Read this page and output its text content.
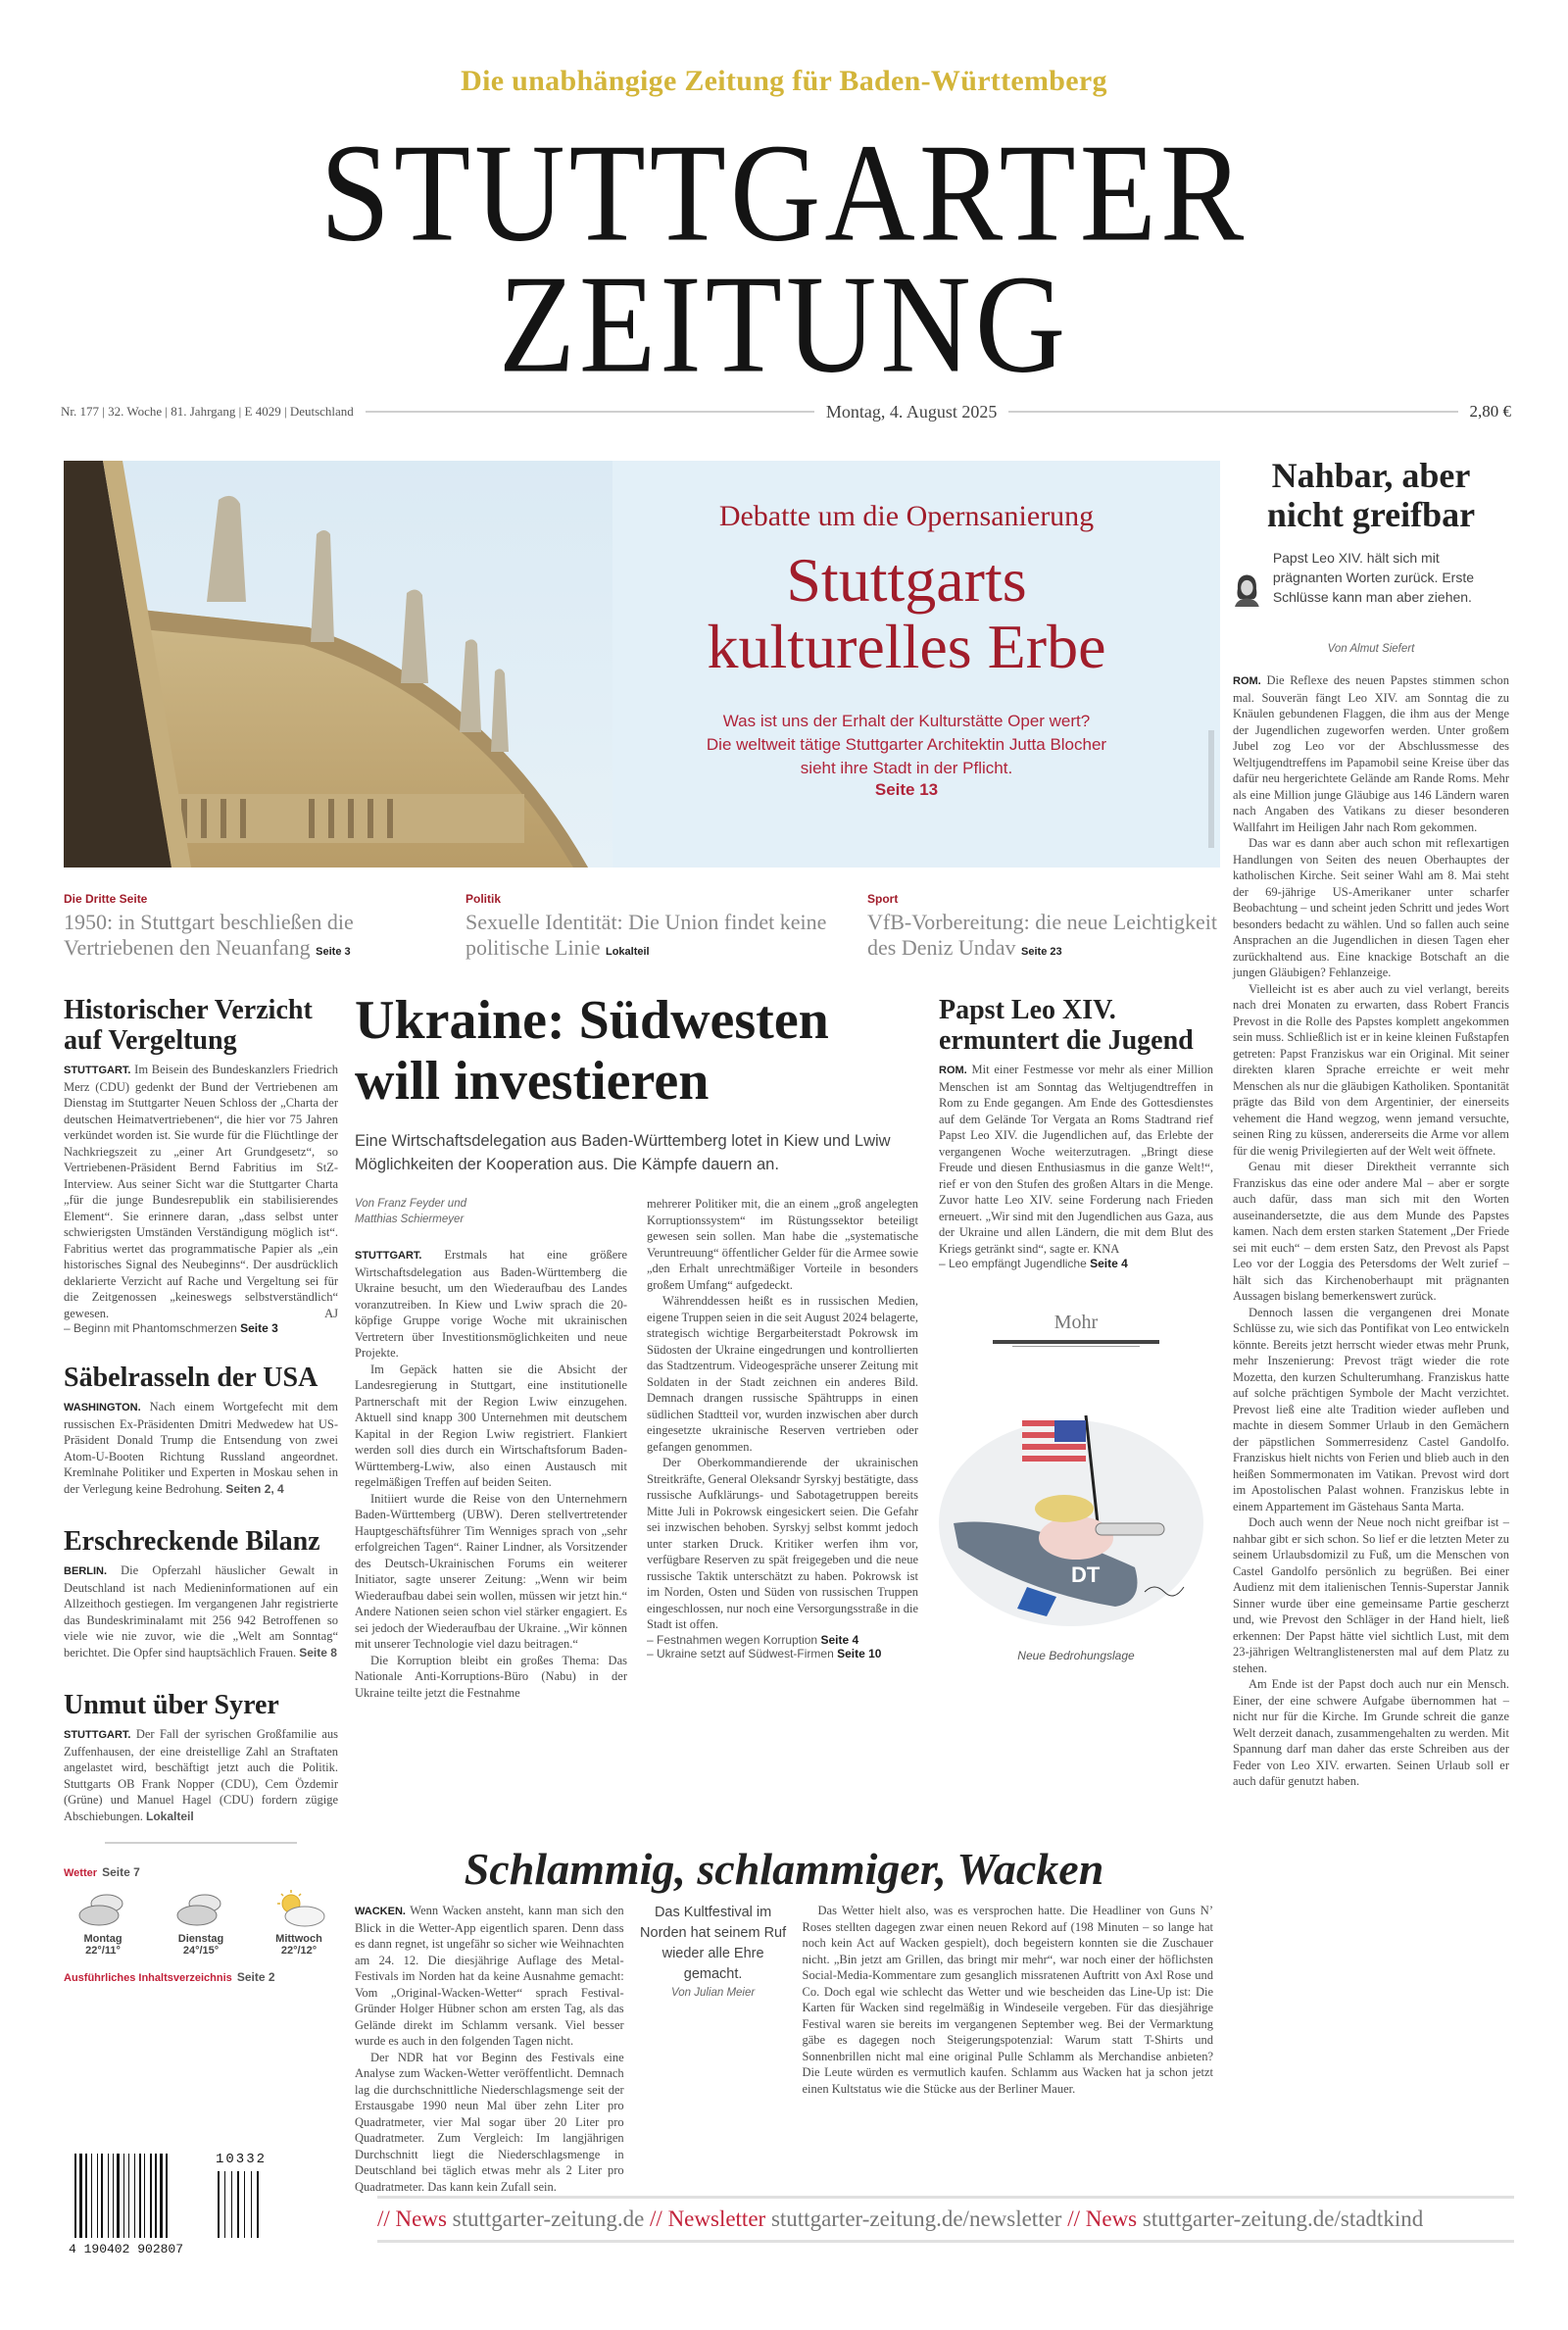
Die unabhängige Zeitung für Baden-Württemberg
STUTTGARTER
ZEITUNG
Nr. 177 | 32. Woche | 81. Jahrgang | E 4029 | Deutschland	Montag, 4. August 2025	2,80 €
Debatte um die Opernsanierung
Stuttgarts
kulturelles Erbe
Was ist uns der Erhalt der Kulturstätte Oper wert?
Die weltweit tätige Stuttgarter Architektin Jutta Blocher
sieht ihre Stadt in der Pflicht.
Seite 13
Die Dritte Seite
1950: in Stuttgart beschließen die Vertriebenen den Neuanfang Seite 3
Politik
Sexuelle Identität: Die Union findet keine politische Linie Lokalteil
Sport
VfB-Vorbereitung: die neue Leichtigkeit des Deniz Undav Seite 23
Historischer Verzicht auf Vergeltung
STUTTGART. Im Beisein des Bundeskanzlers Friedrich Merz (CDU) gedenkt der Bund der Vertriebenen am Dienstag im Stuttgarter Neuen Schloss der „Charta der deutschen Heimatvertriebenen“, die hier vor 75 Jahren verkündet worden ist. Sie wurde für die Flüchtlinge der Nachkriegszeit zu „einer Art Grundgesetz“, so Vertriebenen-Präsident Bernd Fabritius im StZ-Interview. Aus seiner Sicht war die Stuttgarter Charta „für die junge Bundesrepublik ein stabilisierendes Element“. Sie erinnere daran, „dass selbst unter schwierigsten Umständen Verständigung möglich ist“. Fabritius wertet das programmatische Papier als „ein historisches Signal des Neubeginns“. Der ausdrücklich deklarierte Verzicht auf Rache und Vergeltung sei für die Zeitgenossen „keineswegs selbstverständlich“ gewesen.	AJ
– Beginn mit Phantomschmerzen Seite 3
Säbelrasseln der USA
WASHINGTON. Nach einem Wortgefecht mit dem russischen Ex-Präsidenten Dmitri Medwedew hat US-Präsident Donald Trump die Entsendung von zwei Atom-U-Booten Richtung Russland angeordnet. Kremlnahe Politiker und Experten in Moskau sehen in der Verlegung keine Bedrohung. Seiten 2, 4
Erschreckende Bilanz
BERLIN. Die Opferzahl häuslicher Gewalt in Deutschland ist nach Medieninformationen auf ein Allzeithoch gestiegen. Im vergangenen Jahr registrierte das Bundeskriminalamt mit 256 942 Betroffenen so viele wie nie zuvor, wie die „Welt am Sonntag“ berichtet. Die Opfer sind hauptsächlich Frauen. Seite 8
Unmut über Syrer
STUTTGART. Der Fall der syrischen Großfamilie aus Zuffenhausen, der eine dreistellige Zahl an Straftaten angelastet wird, beschäftigt jetzt auch die Politik. Stuttgarts OB Frank Nopper (CDU), Cem Özdemir (Grüne) und Manuel Hagel (CDU) fordern zügige Abschiebungen. Lokalteil
Wetter Seite 7
Montag
22°/11°
Dienstag
24°/15°
Mittwoch
22°/12°
Ausführliches Inhaltsverzeichnis Seite 2
Ukraine: Südwesten
will investieren

Eine Wirtschaftsdelegation aus Baden-Württemberg lotet in Kiew und Lwiw Möglichkeiten der Kooperation aus. Die Kämpfe dauern an.

Von Franz Feyder und
Matthias Schiermeyer

STUTTGART. Erstmals hat eine größere Wirtschaftsdelegation aus Baden-Württemberg die Ukraine besucht, um den Wiederaufbau des Landes voranzutreiben. In Kiew und Lwiw sprach die 20-köpfige Gruppe vorige Woche mit ukrainischen Vertretern über Investitionsmöglichkeiten und neue Projekte.

Im Gepäck hatten sie die Absicht der Landesregierung in Stuttgart, eine institutionelle Partnerschaft mit der Region Lwiw einzugehen. Aktuell sind knapp 300 Unternehmen mit deutschem Kapital in der Region Lwiw registriert. Flankiert werden soll dies durch ein Wirtschaftsforum Baden-Württemberg-Lwiw, also einen Austausch mit regelmäßigen Treffen auf beiden Seiten.

Initiiert wurde die Reise von den Unternehmern Baden-Württemberg (UBW). Deren stellvertretender Hauptgeschäftsführer Tim Wenniges sprach von „sehr erfolgreichen Tagen“. Rainer Lindner, als Vorsitzender des Deutsch-Ukrainischen Forums ein weiterer Initiator, sagte unserer Zeitung: „Wenn wir beim Wiederaufbau dabei sein wollen, müssen wir jetzt hin.“ Andere Nationen seien schon viel stärker engagiert. Es sei jedoch der Wiederaufbau der Ukraine. „Wir können mit unserer Technologie viel dazu beitragen.“

Die Korruption bleibt ein großes Thema: Das Nationale Anti-Korruptions-Büro (Nabu) in der Ukraine teilte jetzt die Festnahme

mehrerer Politiker mit, die an einem „groß angelegten Korruptionssystem“ im Rüstungssektor beteiligt gewesen sein sollen. Man habe die „systematische Veruntreuung“ öffentlicher Gelder für die Armee sowie „den Erhalt unrechtmäßiger Vorteile in besonders großem Umfang“ aufgedeckt.

Währenddessen heißt es in russischen Medien, eigene Truppen seien in die seit August 2024 belagerte, strategisch wichtige Bergarbeiterstadt Pokrowsk im Südosten der Ukraine eingedrungen und kontrollierten das Stadtzentrum. Videogespräche unserer Zeitung mit Soldaten in der Stadt zeichnen ein anderes Bild. Demnach drangen russische Spähtrupps in einen südlichen Stadtteil vor, wurden inzwischen aber durch eingesetzte ukrainische Reserven vertrieben oder gefangen genommen.

Der Oberkommandierende der ukrainischen Streitkräfte, General Oleksandr Syrskyj bestätigte, dass russische Aufklärungs- und Sabotagetruppen bereits Mitte Juli in Pokrowsk eingesickert seien. Die Gefahr sei inzwischen behoben. Syrskyj selbst kommt jedoch unter starken Druck. Kritiker werfen ihm vor, verfügbare Reserven zu spät freigegeben und die neue russische Taktik unterschätzt zu haben. Pokrowsk ist im Norden, Osten und Süden von russischen Truppen eingeschlossen, nur noch eine Versorgungsstraße in die Stadt ist offen.

– Festnahmen wegen Korruption Seite 4
– Ukraine setzt auf Südwest-Firmen Seite 10
Papst Leo XIV. ermuntert die Jugend
ROM. Mit einer Festmesse vor mehr als einer Million Menschen ist am Sonntag das Weltjugendtreffen in Rom zu Ende gegangen. Am Ende des Gottesdienstes auf dem Gelände Tor Vergata an Roms Stadtrand rief Papst Leo XIV. die Jugendlichen auf, das Erlebte der vergangenen Woche weiterzutragen. „Bringt diese Freude und diesen Enthusiasmus in die ganze Welt!“, rief er von den Stufen des großen Altars in die Menge. Zuvor hatte Leo XIV. seine Forderung nach Frieden erneuert. „Wir sind mit den Jugendlichen aus Gaza, aus der Ukraine und allen Ländern, die mit dem Blut des Kriegs getränkt sind“, sagte er. KNA
– Leo empfängt Jugendliche Seite 4
Mohr
DT
Neue Bedrohungslage
Schlammig, schlammiger, Wacken

WACKEN. Wenn Wacken ansteht, kann man sich den Blick in die Wetter-App eigentlich sparen. Denn dass es dann regnet, ist ungefähr so sicher wie Weihnachten am 24. 12. Die diesjährige Auflage des Metal-Festivals im Norden hat da keine Ausnahme gemacht: Vom „Original-Wacken-Wetter“ sprach Festival-Gründer Holger Hübner schon am ersten Tag, als das Gelände direkt im Schlamm versank. Viel besser wurde es auch in den folgenden Tagen nicht.

Der NDR hat vor Beginn des Festivals eine Analyse zum Wacken-Wetter veröffentlicht. Demnach lag die durchschnittliche Niederschlagsmenge seit der Erstausgabe 1990 neun Mal über zehn Liter pro Quadratmeter, vier Mal sogar über 20 Liter pro Quadratmeter. Zum Vergleich: Im langjährigen Durchschnitt liegt die Niederschlagsmenge in Deutschland bei täglich etwas mehr als 2 Liter pro Quadratmeter. Das kann kein Zufall sein.

Das Kultfestival im Norden hat seinem Ruf wieder alle Ehre gemacht.
Von Julian Meier

Das Wetter hielt also, was es versprochen hatte. Die Headliner von Guns N’ Roses stellten dagegen zwar einen neuen Rekord auf (198 Minuten – so lange hat noch kein Act auf Wacken gespielt), doch begeistern konnten sie die Zuschauer nicht. „Bin jetzt am Grillen, das bringt mir mehr“, war noch einer der höflichsten Social-Media-Kommentare zum gesanglich missratenen Auftritt von Axl Rose und Co. Doch egal wie schlecht das Wetter und wie bescheiden das Line-Up ist: Die Karten für Wacken sind regelmäßig in Windeseile vergeben. Für das diesjährige Festival waren sie bereits im vergangenen September weg. Bei der Vermarktung gäbe es dagegen noch Steigerungspotenzial: Warum statt T-Shirts und Sonnenbrillen nicht mal eine original Pulle Schlamm als Merchandise anbieten? Die Leute würden es vermutlich kaufen. Schlamm aus Wacken hat ja schon jetzt einen Kultstatus wie die Stücke aus der Berliner Mauer.

Nahbar, aber
nicht greifbar
Papst Leo XIV. hält sich mit prägnanten Worten zurück. Erste Schlüsse kann man aber ziehen.
Von Almut Siefert

ROM. Die Reflexe des neuen Papstes stimmen schon mal. Souverän fängt Leo XIV. am Sonntag die zu Knäulen gebundenen Flaggen, die ihm aus der Menge der Jugendlichen zugeworfen werden. Unter großem Jubel zog Leo vor der Abschlussmesse des Weltjugendtreffens im Papamobil seine Kreise über das dafür neu hergerichtete Gelände am Rande Roms. Mehr als eine Million junge Gläubige aus 146 Ländern waren nach Angaben des Vatikans zu dieser besonderen Wallfahrt im Heiligen Jahr nach Rom gekommen.

Das war es dann aber auch schon mit reflexartigen Handlungen von Seiten des neuen Oberhauptes der katholischen Kirche. Seit seiner Wahl am 8. Mai steht der 69-jährige US-Amerikaner unter scharfer Beobachtung – und scheint jeden Schritt und jedes Wort besonders bedacht zu wählen. Und so fallen auch seine Ansprachen an die Jugendlichen in diesen Tagen eher zurückhaltend aus. Eine knackige Botschaft an die jungen Gläubigen? Fehlanzeige.

Vielleicht ist es aber auch zu viel verlangt, bereits nach drei Monaten zu erwarten, dass Robert Francis Prevost in die Rolle des Papstes komplett angekommen sein muss. Schließlich ist er in keine kleinen Fußstapfen getreten: Papst Franziskus war ein Original. Mit seiner direkten klaren Sprache erreichte er weit mehr Menschen als nur die gläubigen Katholiken. Spontanität prägte das Bild von dem Argentinier, der einerseits vehement die Hand wegzog, wenn jemand versuchte, seinen Ring zu küssen, andererseits die Arme vor allem für die wenig Privilegierten auf der Welt weit öffnete.

Genau mit dieser Direktheit verrannte sich Franziskus das eine oder andere Mal – aber er sorgte auch dafür, dass man sich mit den Worten auseinandersetzte, die aus dem Munde des Papstes kamen. Nach dem ersten starken Statement „Der Friede sei mit euch“ – dem ersten Satz, den Prevost als Papst Leo vor der Loggia des Petersdoms der Welt zurief – hält sich das Kirchenoberhaupt mit prägnanten Aussagen bislang bemerkenswert zurück.

Dennoch lassen die vergangenen drei Monate Schlüsse zu, wie sich das Pontifikat von Leo entwickeln könnte. Bereits jetzt herrscht wieder etwas mehr Prunk, mehr Inszenierung: Prevost trägt wieder die rote Mozetta, den kurzen Schulterumhang. Franziskus hatte auf solche prächtigen Symbole der Macht verzichtet. Prevost ließ eine alte Tradition wieder aufleben und machte in diesem Sommer Urlaub in den Gemächern der päpstlichen Sommerresidenz Castel Gandolfo. Franziskus hielt nichts von Ferien und blieb auch in den heißen Sommermonaten im Vatikan. Prevost wird dort im Apostolischen Palast wohnen. Franziskus lebte in einem Appartement im Gästehaus Santa Marta.

Doch auch wenn der Neue noch nicht greifbar ist – nahbar gibt er sich schon. So lief er die letzten Meter zu seinem Urlaubsdomizil zu Fuß, um die Menschen von Castel Gandolfo persönlich zu begrüßen. Bei einer Audienz mit dem italienischen Tennis-Superstar Jannik Sinner wurde über eine gemeinsame Partie gescherzt und, wie Prevost den Schläger in der Hand hielt, ließ erkennen: Der Papst hätte viel sichtlich Lust, mit dem 23-jährigen Weltranglistenersten mal auf dem Platz zu stehen.

Am Ende ist der Papst doch auch nur ein Mensch. Einer, der eine schwere Aufgabe übernommen hat – nicht nur für die Kirche. Im Grunde schreit die ganze Welt derzeit danach, zusammengehalten zu werden. Mit Spannung darf man daher das erste Schreiben aus der Feder von Leo XIV. erwarten. Seinen Urlaub soll er auch dafür genutzt haben.

10332
4 190402 902807
// News stuttgarter-zeitung.de // Newsletter stuttgarter-zeitung.de/newsletter // News stuttgarter-zeitung.de/stadtkind
